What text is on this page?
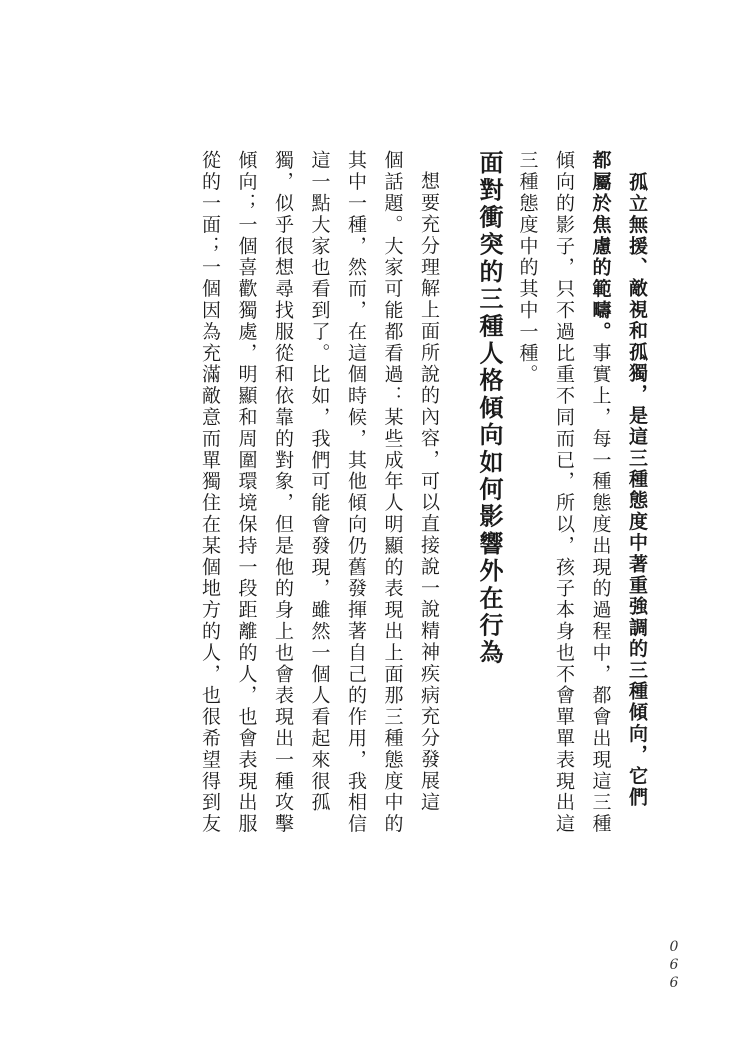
孤立無援、敵視和孤獨，是這三種態度中著重強調的三種傾向，它們
都屬於焦慮的範疇。事實上，每一種態度出現的過程中，都會出現這三種
傾向的影子，只不過比重不同而已，所以，孩子本身也不會單單表現出這
三種態度中的其中一種。
面對衝突的三種人格傾向如何影響外在行為
想要充分理解上面所說的內容，可以直接說一說精神疾病充分發展這
個話題。大家可能都看過：某些成年人明顯的表現出上面那三種態度中的
其中一種，然而，在這個時候，其他傾向仍舊發揮著自己的作用，我相信
這一點大家也看到了。比如，我們可能會發現，雖然一個人看起來很孤
獨，似乎很想尋找服從和依靠的對象，但是他的身上也會表現出一種攻擊
傾向；一個喜歡獨處，明顯和周圍環境保持一段距離的人，也會表現出服
從的一面；一個因為充滿敵意而單獨住在某個地方的人，也很希望得到友
066
